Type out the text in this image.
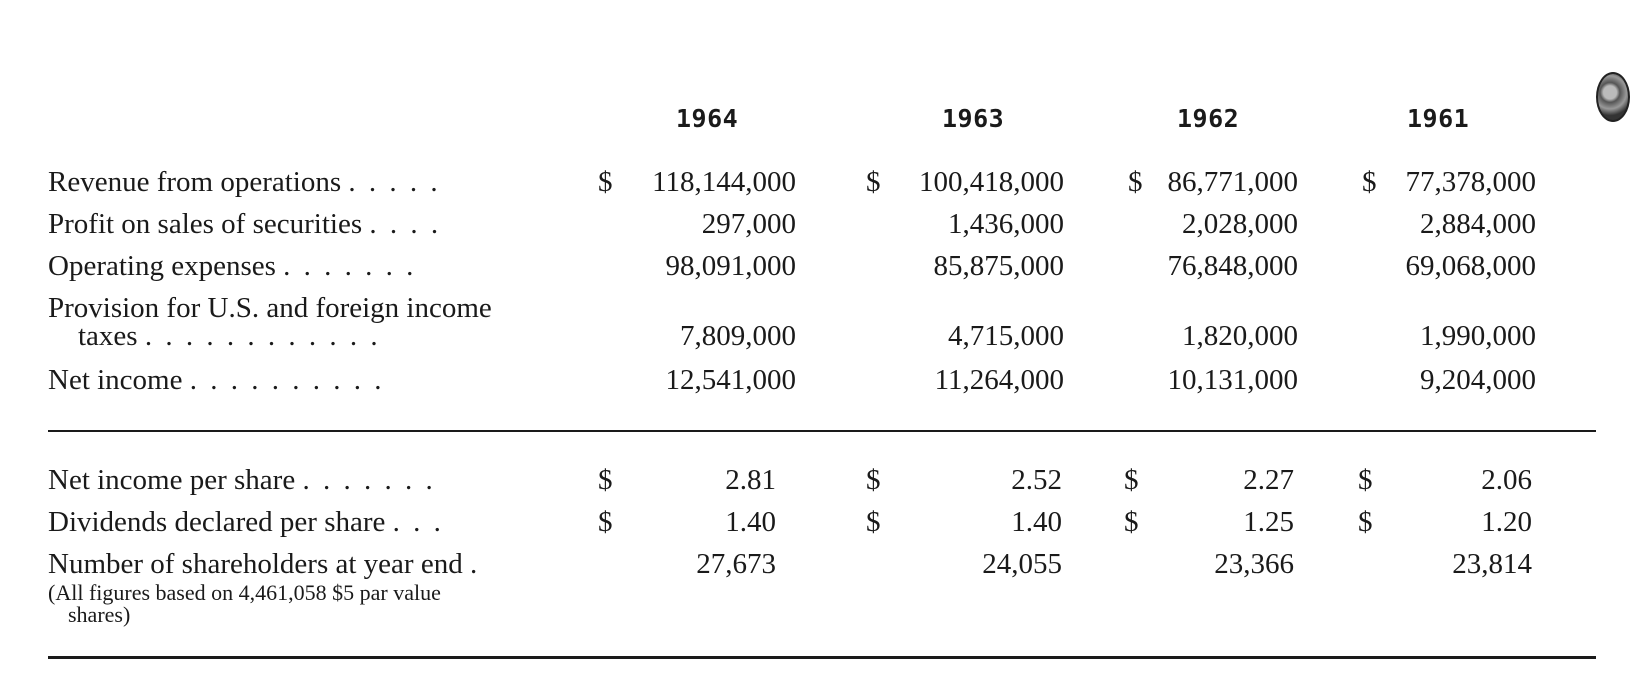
1964	1963	1962	1961
Revenue from operations . . . . .	$ 118,144,000 $ 100,418,000 $ 86,771,000 $ 77,378,000
Profit on sales of securities . . . .	297,000	1,436,000	2,028,000	2,884,000
Operating expenses . . . . . . .	98,091,000	85,875,000	76,848,000	69,068,000
Provision for U.S. and foreign income
taxes . . . . . . . . . . . .	7,809,000	4,715,000	1,820,000	1,990,000
Net income . . . . . . . . . .	12,541,000	11,264,000	10,131,000	9,204,000
Net income per share . . . . . . .	$	2.81	$	2.52 $	2.27 $	2.06
Dividends declared per share . . .	$	1.40	$	1.40 $	1.25 $	1.20
Number of shareholders at year end .	27,673	24,055	23,366	23,814
(All figures based on 4,461,058 $5 par value
shares)
